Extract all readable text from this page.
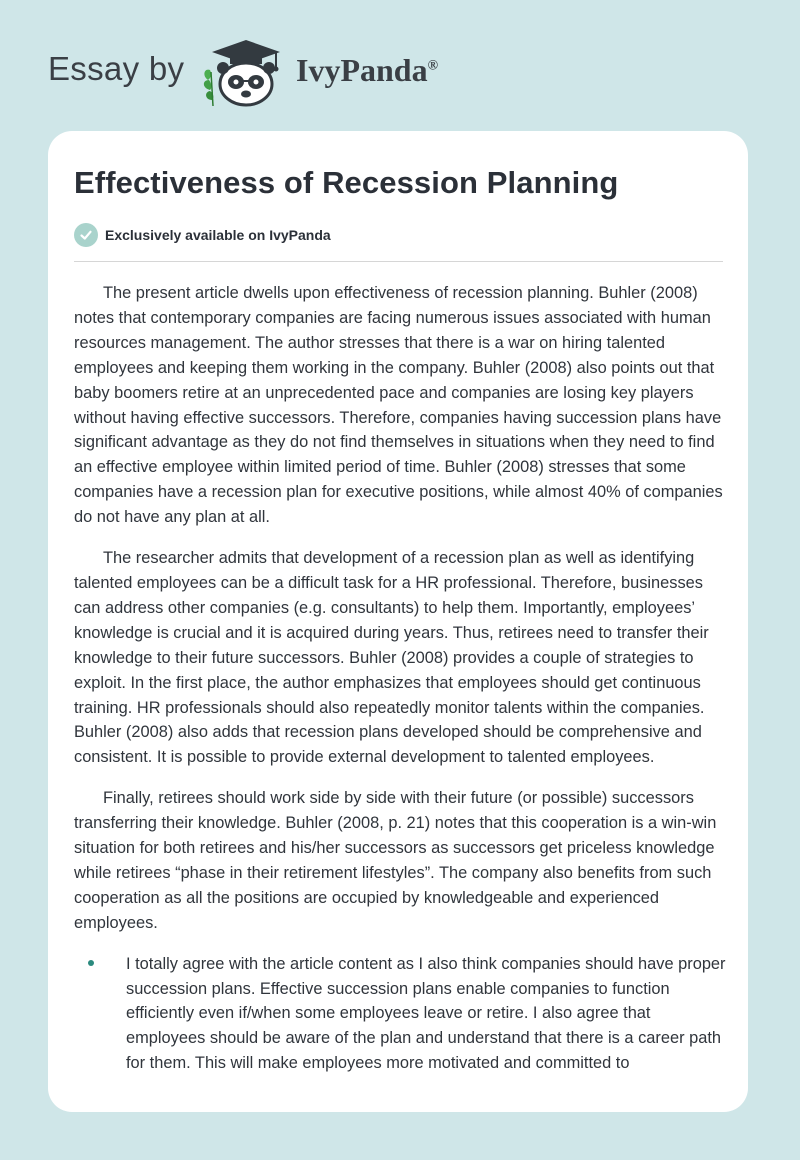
Essay by	IvyPanda®
Effectiveness of Recession Planning
Exclusively available on IvyPanda

The present article dwells upon effectiveness of recession planning. Buhler (2008) notes that contemporary companies are facing numerous issues associated with human resources management. The author stresses that there is a war on hiring talented employees and keeping them working in the company. Buhler (2008) also points out that baby boomers retire at an unprecedented pace and companies are losing key players without having effective successors. Therefore, companies having succession plans have significant advantage as they do not find themselves in situations when they need to find an effective employee within limited period of time. Buhler (2008) stresses that some companies have a recession plan for executive positions, while almost 40% of companies do not have any plan at all.

The researcher admits that development of a recession plan as well as identifying talented employees can be a difficult task for a HR professional. Therefore, businesses can address other companies (e.g. consultants) to help them. Importantly, employees’ knowledge is crucial and it is acquired during years. Thus, retirees need to transfer their knowledge to their future successors. Buhler (2008) provides a couple of strategies to exploit. In the first place, the author emphasizes that employees should get continuous training. HR professionals should also repeatedly monitor talents within the companies. Buhler (2008) also adds that recession plans developed should be comprehensive and consistent. It is possible to provide external development to talented employees.

Finally, retirees should work side by side with their future (or possible) successors transferring their knowledge. Buhler (2008, p. 21) notes that this cooperation is a win-win situation for both retirees and his/her successors as successors get priceless knowledge while retirees “phase in their retirement lifestyles”. The company also benefits from such cooperation as all the positions are occupied by knowledgeable and experienced employees.

I totally agree with the article content as I also think companies should have proper succession plans. Effective succession plans enable companies to function efficiently even if/when some employees leave or retire. I also agree that employees should be aware of the plan and understand that there is a career path for them. This will make employees more motivated and committed to
